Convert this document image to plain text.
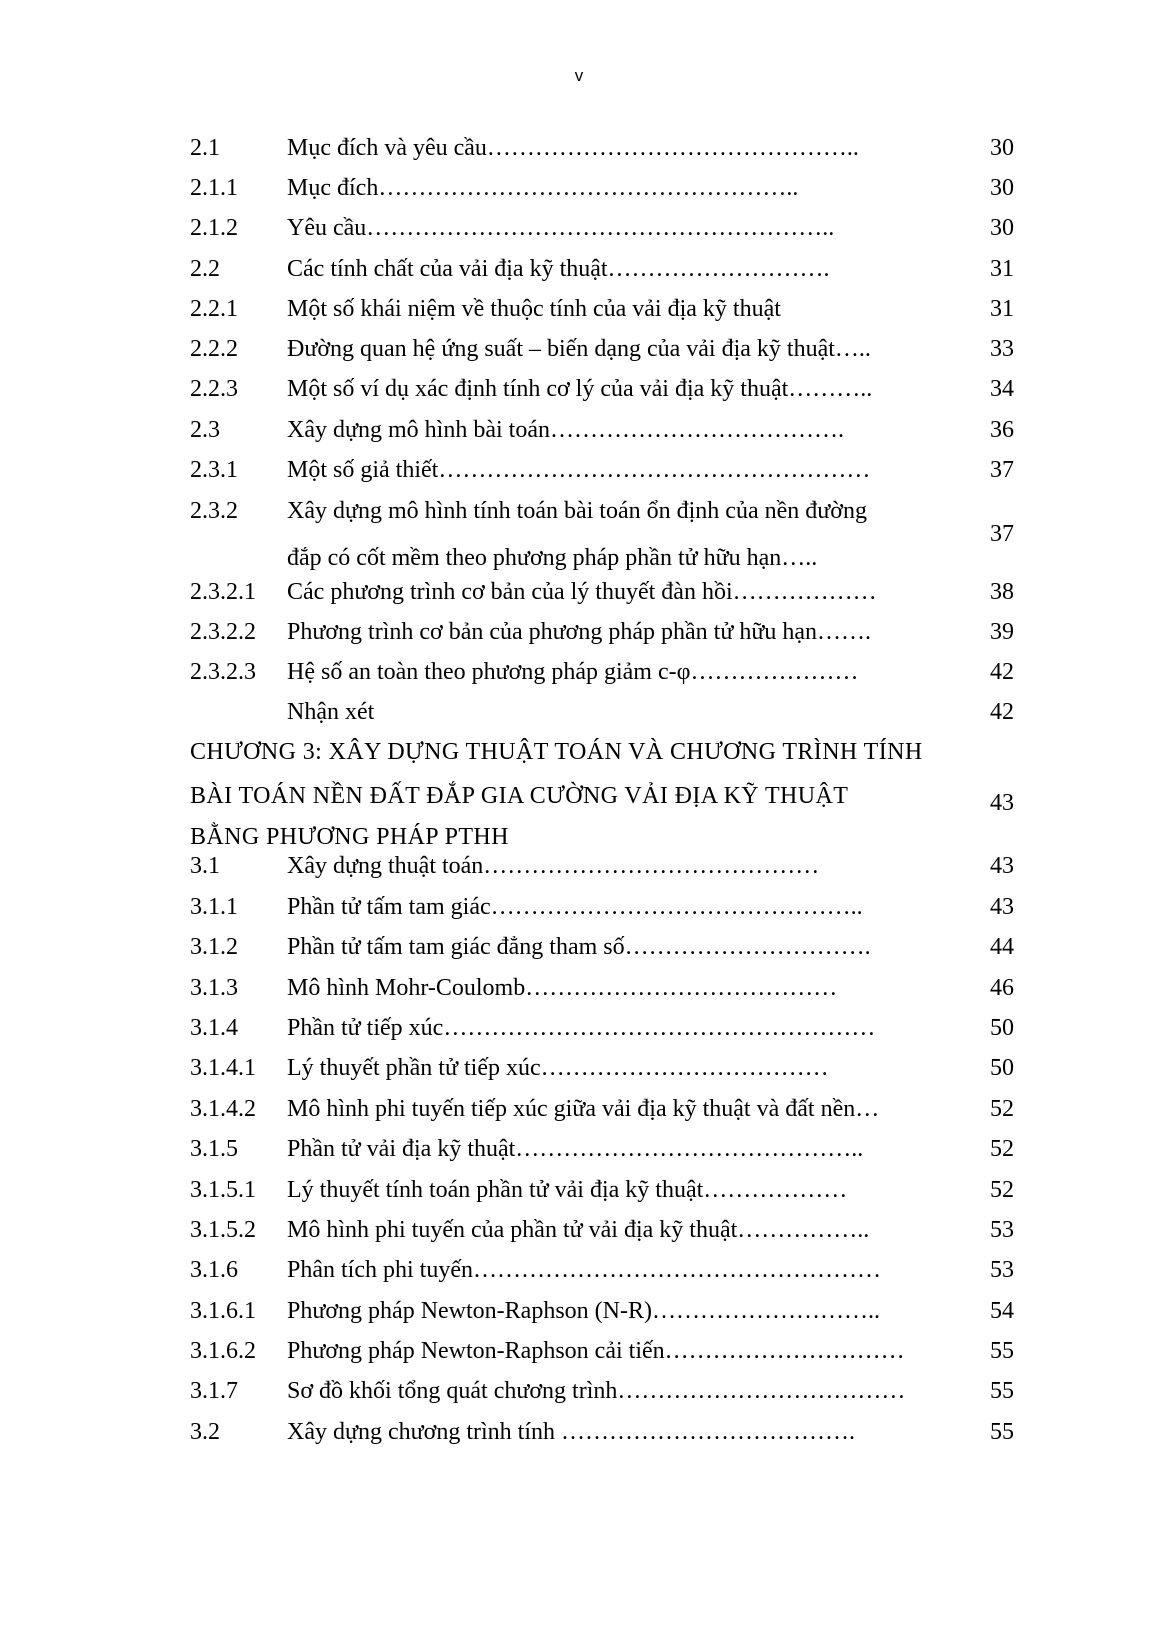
v
2.1	Mục đích và yêu cầu………………………………………..	30
2.1.1 Mục đích……………………………………………..	30
2.1.2 Yêu cầu…………………………………………………..	30
2.2	Các tính chất của vải địa kỹ thuật……………………….	31
2.2.1 Một số khái niệm về thuộc tính của vải địa kỹ thuật	31
2.2.2 Đường quan hệ ứng suất – biến dạng của vải địa kỹ thuật…..	33
2.2.3 Một số ví dụ xác định tính cơ lý của vải địa kỹ thuật………..	34
2.3	Xây dựng mô hình bài toán……………………………….	36
2.3.1 Một số giả thiết………………………………………………	37
2.3.2 Xây dựng mô hình tính toán bài toán ổn định của nền đường
đắp có cốt mềm theo phương pháp phần tử hữu hạn…..
37
2.3.2.1 Các phương trình cơ bản của lý thuyết đàn hồi………………	38
2.3.2.2 Phương trình cơ bản của phương pháp phần tử hữu hạn…….	39
2.3.2.3 Hệ số an toàn theo phương pháp giảm c-φ…………………	42
Nhận xét	42
CHƯƠNG 3: XÂY DỰNG THUẬT TOÁN VÀ CHƯƠNG TRÌNH TÍNH
BÀI TOÁN NỀN ĐẤT ĐẮP GIA CƯỜNG VẢI ĐỊA KỸ THUẬT
BẰNG PHƯƠNG PHÁP PTHH
43
3.1	Xây dựng thuật toán……………………………………	43
3.1.1 Phần tử tấm tam giác………………………………………..	43
3.1.2 Phần tử tấm tam giác đẳng tham số………………………….	44
3.1.3 Mô hình Mohr-Coulomb…………………………………	46
3.1.4 Phần tử tiếp xúc………………………………………………	50
3.1.4.1 Lý thuyết phần tử tiếp xúc………………………………	50
3.1.4.2 Mô hình phi tuyến tiếp xúc giữa vải địa kỹ thuật và đất nền…	52
3.1.5 Phần tử vải địa kỹ thuật……………………………………..	52
3.1.5.1 Lý thuyết tính toán phần tử vải địa kỹ thuật………………	52
3.1.5.2 Mô hình phi tuyến của phần tử vải địa kỹ thuật……………..	53
3.1.6 Phân tích phi tuyến……………………………………………	53
3.1.6.1 Phương pháp Newton-Raphson (N-R)………………………..	54
3.1.6.2 Phương pháp Newton-Raphson cải tiến…………………………	55
3.1.7 Sơ đồ khối tổng quát chương trình………………………………	55
3.2	Xây dựng chương trình tính ……………………………….	55
